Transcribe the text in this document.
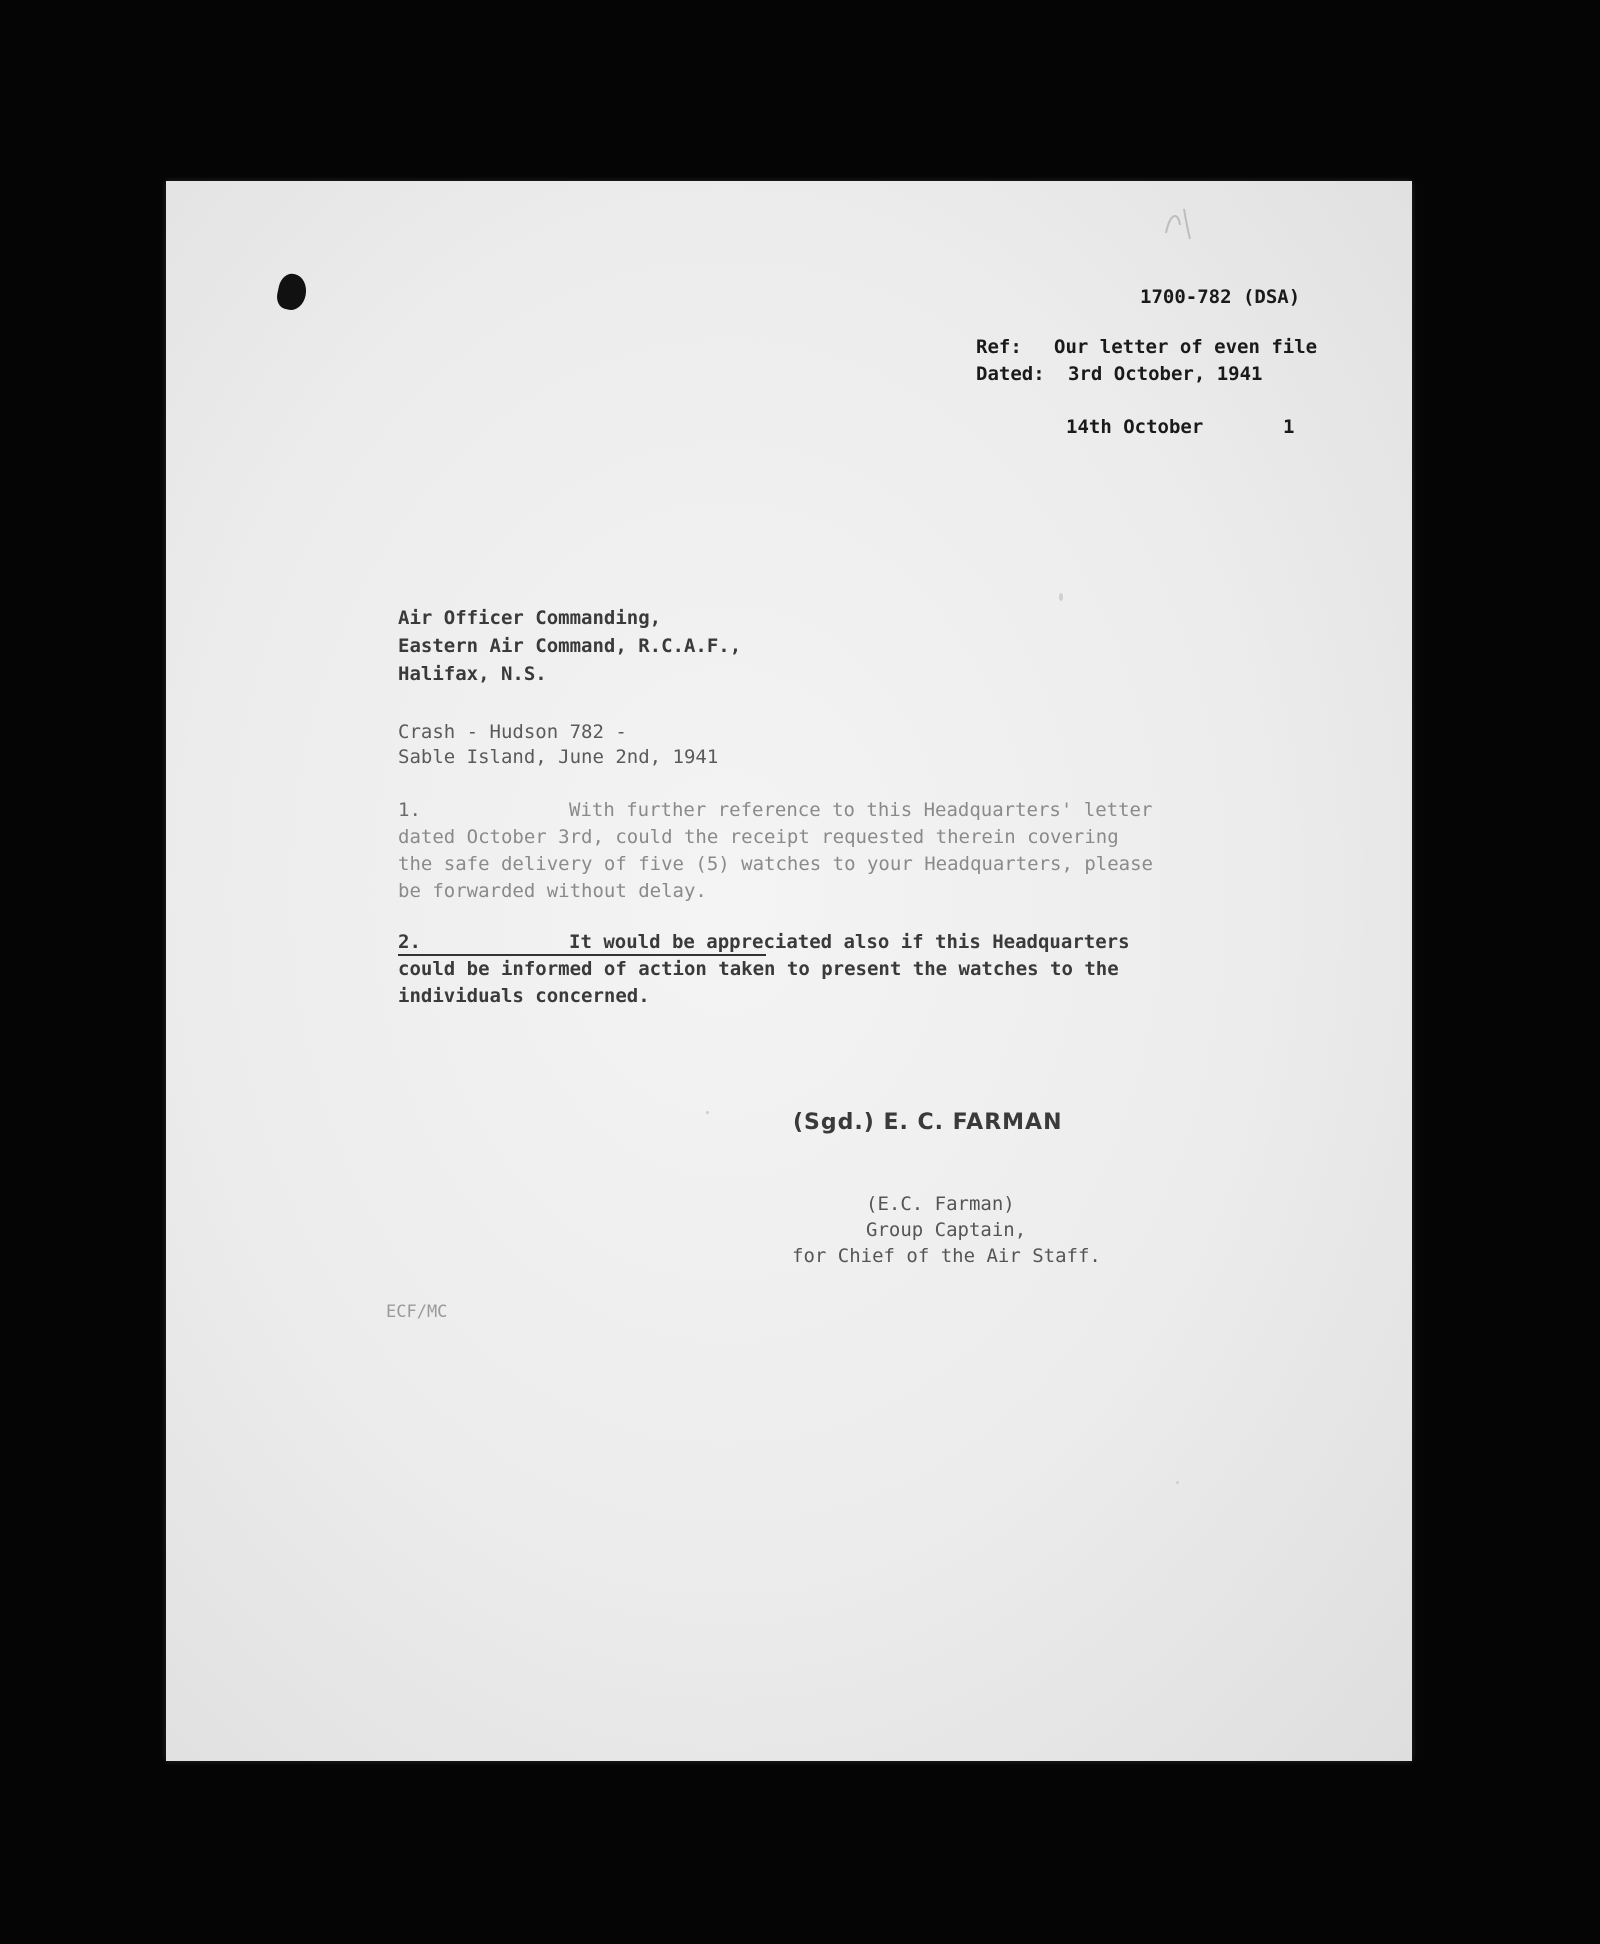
1700-782 (DSA)
Ref: Our letter of even file
Dated: 3rd October, 1941
14th October	1
Air Officer Commanding,
Eastern Air Command, R.C.A.F.,
Halifax, N.S.
Crash - Hudson 782 -
Sable Island, June 2nd, 1941
1.	With further reference to this Headquarters' letter
dated October 3rd, could the receipt requested therein covering
the safe delivery of five (5) watches to your Headquarters, please
be forwarded without delay.
2.	It would be appreciated also if this Headquarters
could be informed of action taken to present the watches to the
individuals concerned.
(Sgd.) E. C. FARMAN
(E.C. Farman)
Group Captain,
for Chief of the Air Staff.
ECF/MC
